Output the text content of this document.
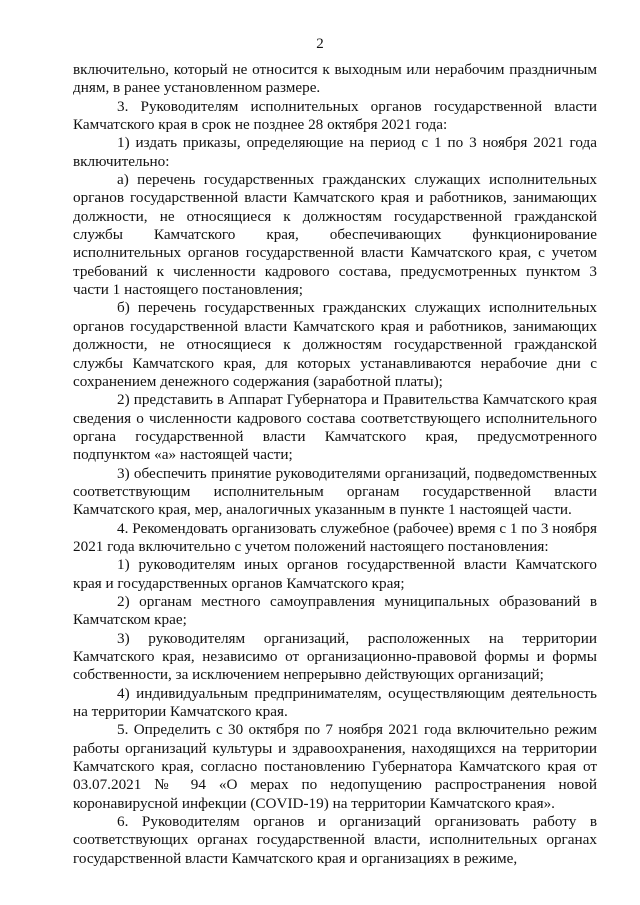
2

включительно, который не относится к выходным или нерабочим праздничным дням, в ранее установленном размере.

3. Руководителям исполнительных органов государственной власти Камчатского края в срок не позднее 28 октября 2021 года:

1) издать приказы, определяющие на период с 1 по 3 ноября 2021 года включительно:

а) перечень государственных гражданских служащих исполнительных органов государственной власти Камчатского края и работников, занимающих должности, не относящиеся к должностям государственной гражданской службы Камчатского края, обеспечивающих функционирование исполнительных органов государственной власти Камчатского края, с учетом требований к численности кадрового состава, предусмотренных пунктом 3 части 1 настоящего постановления;

б) перечень государственных гражданских служащих исполнительных органов государственной власти Камчатского края и работников, занимающих должности, не относящиеся к должностям государственной гражданской службы Камчатского края, для которых устанавливаются нерабочие дни с сохранением денежного содержания (заработной платы);

2) представить в Аппарат Губернатора и Правительства Камчатского края сведения о численности кадрового состава соответствующего исполнительного органа государственной власти Камчатского края, предусмотренного подпунктом «а» настоящей части;

3) обеспечить принятие руководителями организаций, подведомственных соответствующим исполнительным органам государственной власти Камчатского края, мер, аналогичных указанным в пункте 1 настоящей части.

4. Рекомендовать организовать служебное (рабочее) время с 1 по 3 ноября 2021 года включительно с учетом положений настоящего постановления:

1) руководителям иных органов государственной власти Камчатского края и государственных органов Камчатского края;

2) органам местного самоуправления муниципальных образований в Камчатском крае;

3) руководителям организаций, расположенных на территории Камчатского края, независимо от организационно-правовой формы и формы собственности, за исключением непрерывно действующих организаций;

4) индивидуальным предпринимателям, осуществляющим деятельность на территории Камчатского края.

5. Определить с 30 октября по 7 ноября 2021 года включительно режим работы организаций культуры и здравоохранения, находящихся на территории Камчатского края, согласно постановлению Губернатора Камчатского края от 03.07.2021 № 94 «О мерах по недопущению распространения новой коронавирусной инфекции (COVID-19) на территории Камчатского края».

6. Руководителям органов и организаций организовать работу в соответствующих органах государственной власти, исполнительных органах государственной власти Камчатского края и организациях в режиме,
